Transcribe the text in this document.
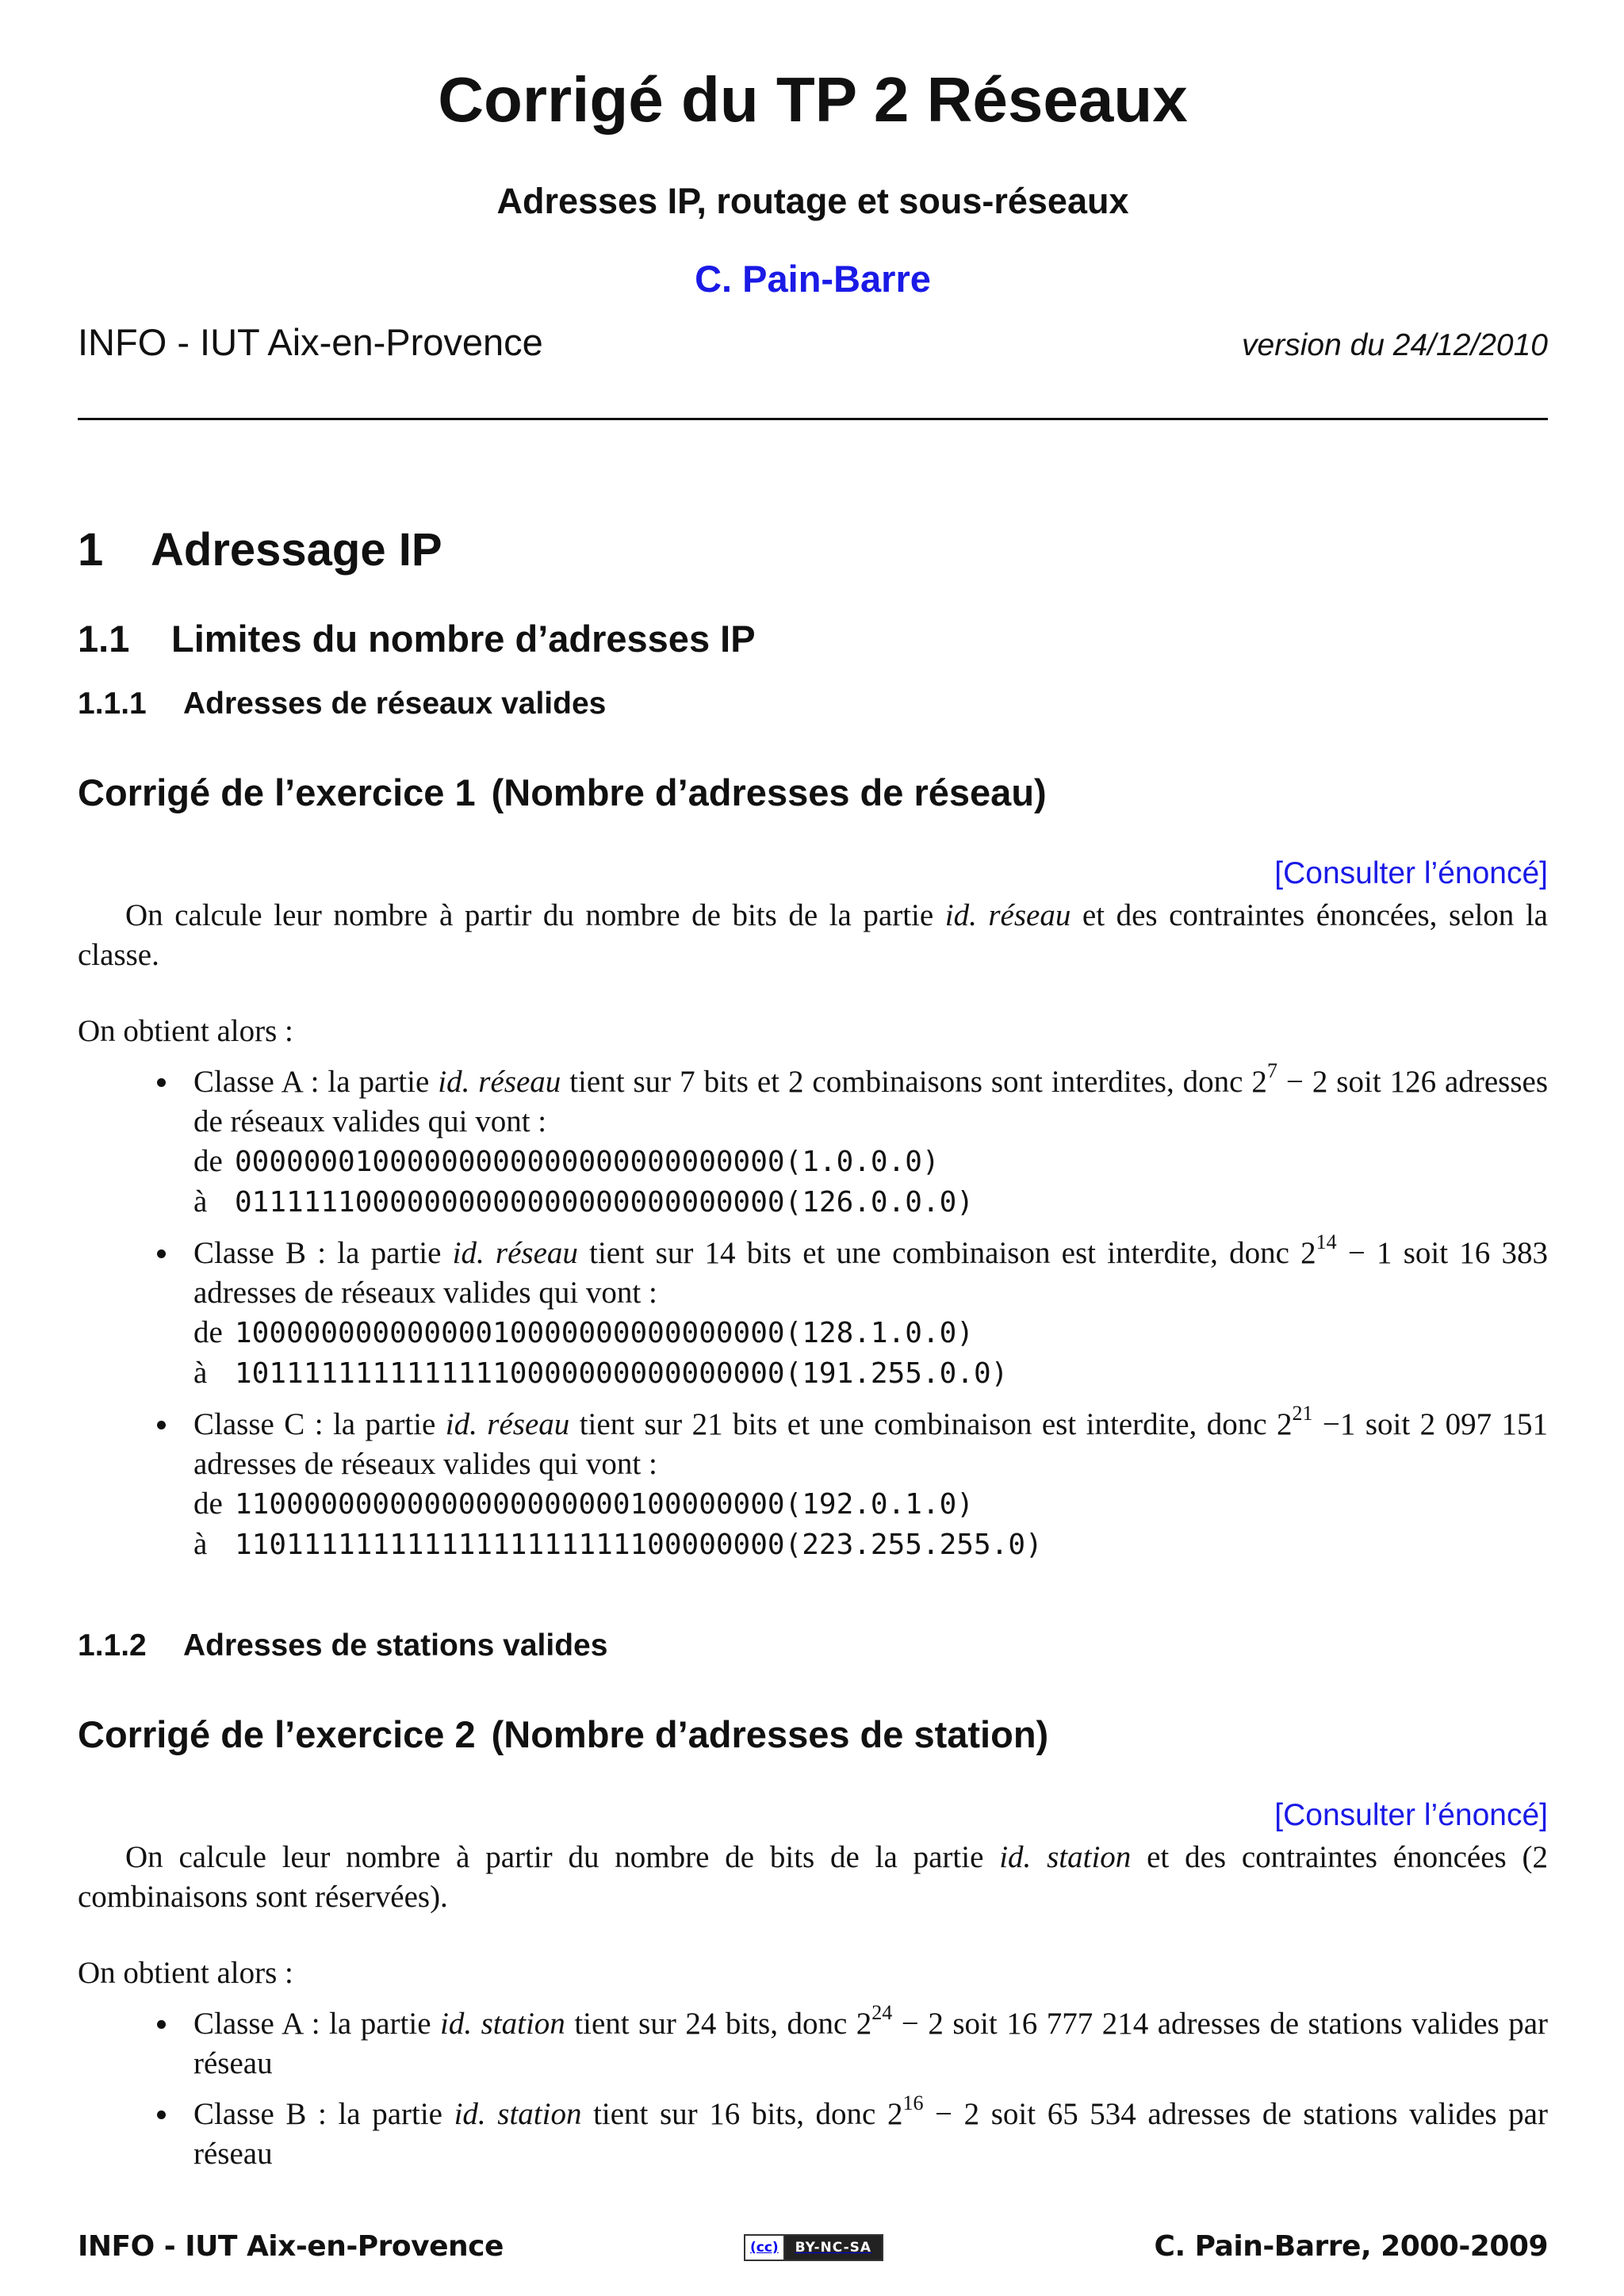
Corrigé du TP 2 Réseaux

Adresses IP, routage et sous-réseaux

C. Pain-Barre
INFO - IUT Aix-en-Provence	version du 24/12/2010
1 Adressage IP
1.1 Limites du nombre d’adresses IP
1.1.1 Adresses de réseaux valides
Corrigé de l’exercice 1 (Nombre d’adresses de réseau)
[Consulter l’énoncé]

On calcule leur nombre à partir du nombre de bits de la partie id. réseau et des contraintes énoncées, selon la classe.

On obtient alors :

Classe A : la partie id. réseau tient sur 7 bits et 2 combinaisons sont interdites, donc $2^7 - 2$ soit 126 adresses de réseaux valides qui vont :
de 00000001000000000000000000000000(1.0.0.0)
à 01111110000000000000000000000000(126.0.0.0)
Classe B : la partie id. réseau tient sur 14 bits et une combinaison est interdite, donc $2^{14} - 1$ soit 16 383 adresses de réseaux valides qui vont :
de 10000000000000010000000000000000(128.1.0.0)
à 10111111111111110000000000000000(191.255.0.0)
Classe C : la partie id. réseau tient sur 21 bits et une combinaison est interdite, donc $2^{21} -1$ soit 2 097 151 adresses de réseaux valides qui vont :
de 11000000000000000000000100000000(192.0.1.0)
à 11011111111111111111111100000000(223.255.255.0)
1.1.2 Adresses de stations valides
Corrigé de l’exercice 2 (Nombre d’adresses de station)
[Consulter l’énoncé]

On calcule leur nombre à partir du nombre de bits de la partie id. station et des contraintes énoncées (2 combinaisons sont réservées).

On obtient alors :

Classe A : la partie id. station tient sur 24 bits, donc $2^{24} - 2$ soit 16 777 214 adresses de stations valides par réseau
Classe B : la partie id. station tient sur 16 bits, donc $2^{16} - 2$ soit 65 534 adresses de stations valides par réseau
INFO - IUT Aix-en-Provence	(cc)	BY-NC-SA	C. Pain-Barre, 2000-2009
